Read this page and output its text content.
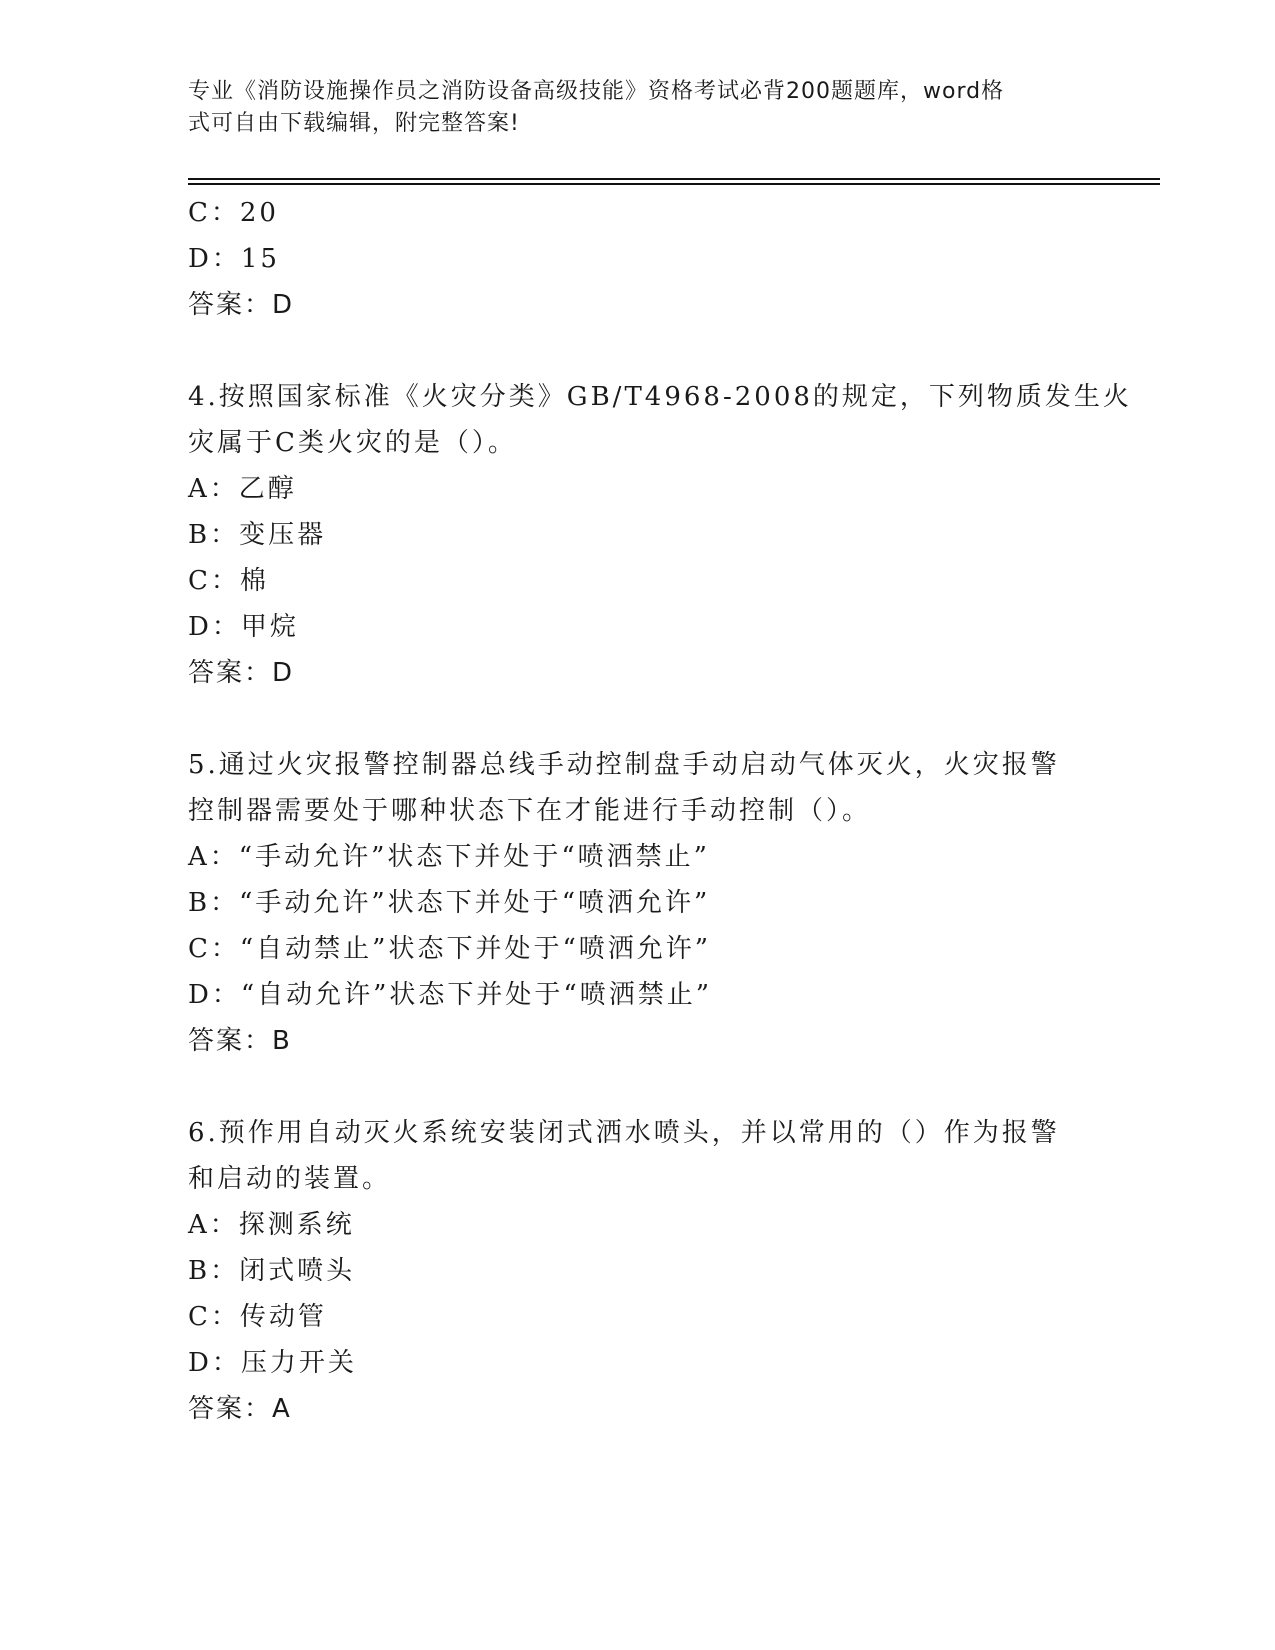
专业《消防设施操作员之消防设备高级技能》资格考试必背200题题库，word格
式可自由下载编辑，附完整答案!
C：20
D：15
答案：D
4.按照国家标准《火灾分类》GB/T4968-2008的规定，下列物质发生火
灾属于C类火灾的是（）。
A：乙醇
B：变压器
C：棉
D：甲烷
答案：D
5.通过火灾报警控制器总线手动控制盘手动启动气体灭火，火灾报警
控制器需要处于哪种状态下在才能进行手动控制（）。
A：“手动允许”状态下并处于“喷洒禁止”
B：“手动允许”状态下并处于“喷洒允许”
C：“自动禁止”状态下并处于“喷洒允许”
D：“自动允许”状态下并处于“喷洒禁止”
答案：B
6.预作用自动灭火系统安装闭式洒水喷头，并以常用的（）作为报警
和启动的装置。
A：探测系统
B：闭式喷头
C：传动管
D：压力开关
答案：A
